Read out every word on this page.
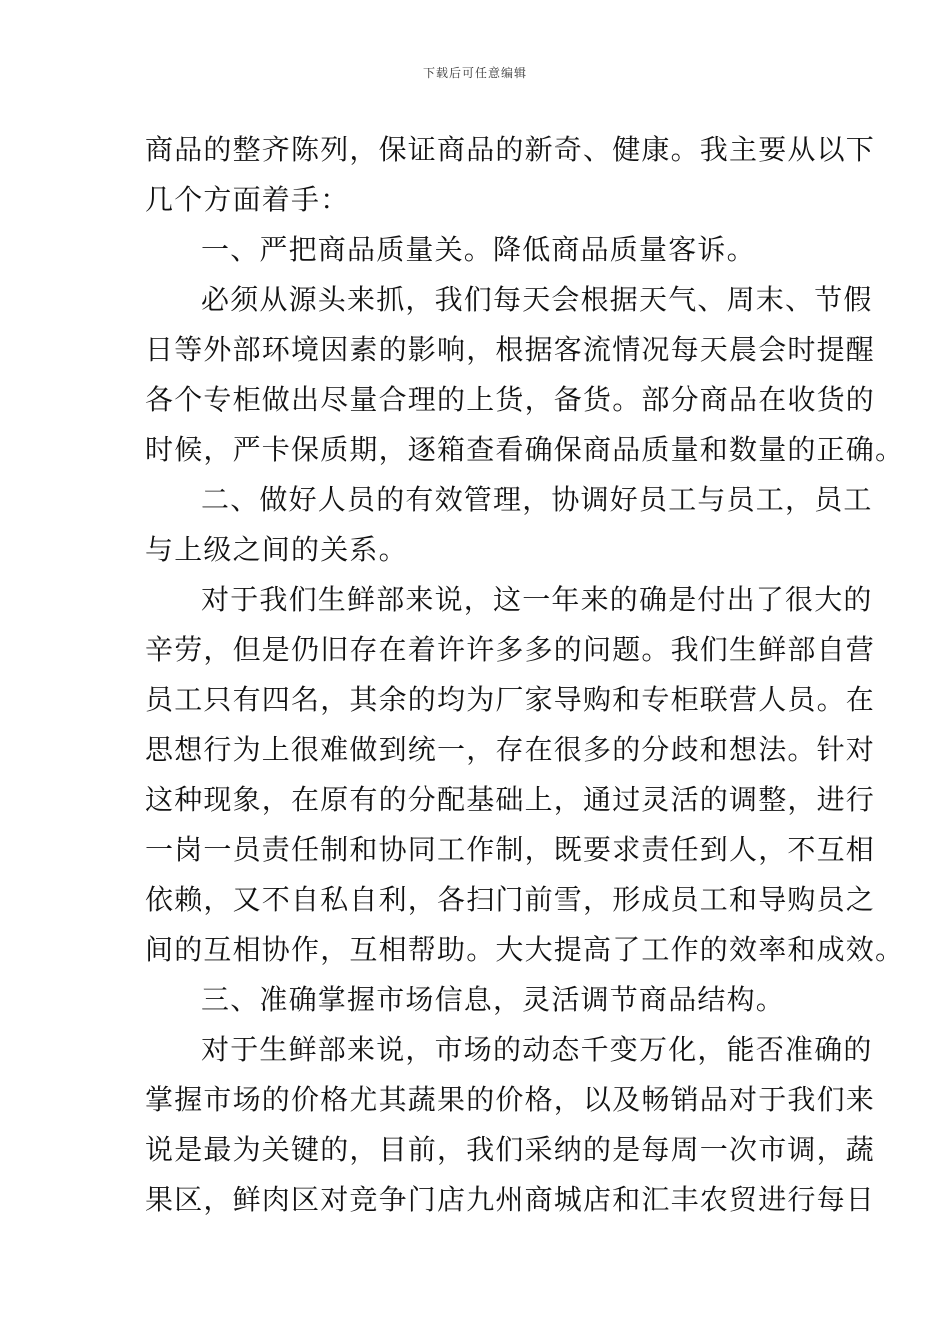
下载后可任意编辑
商品的整齐陈列，保证商品的新奇、健康。我主要从以下
几个方面着手：
一、严把商品质量关。降低商品质量客诉。
必须从源头来抓，我们每天会根据天气、周末、节假
日等外部环境因素的影响，根据客流情况每天晨会时提醒
各个专柜做出尽量合理的上货，备货。部分商品在收货的
时候，严卡保质期，逐箱查看确保商品质量和数量的正确。
二、做好人员的有效管理，协调好员工与员工，员工
与上级之间的关系。
对于我们生鲜部来说，这一年来的确是付出了很大的
辛劳，但是仍旧存在着许许多多的问题。我们生鲜部自营
员工只有四名，其余的均为厂家导购和专柜联营人员。在
思想行为上很难做到统一，存在很多的分歧和想法。针对
这种现象，在原有的分配基础上，通过灵活的调整，进行
一岗一员责任制和协同工作制，既要求责任到人，不互相
依赖，又不自私自利，各扫门前雪，形成员工和导购员之
间的互相协作，互相帮助。大大提高了工作的效率和成效。
三、准确掌握市场信息，灵活调节商品结构。
对于生鲜部来说，市场的动态千变万化，能否准确的
掌握市场的价格尤其蔬果的价格，以及畅销品对于我们来
说是最为关键的，目前，我们采纳的是每周一次市调，蔬
果区，鲜肉区对竞争门店九州商城店和汇丰农贸进行每日
